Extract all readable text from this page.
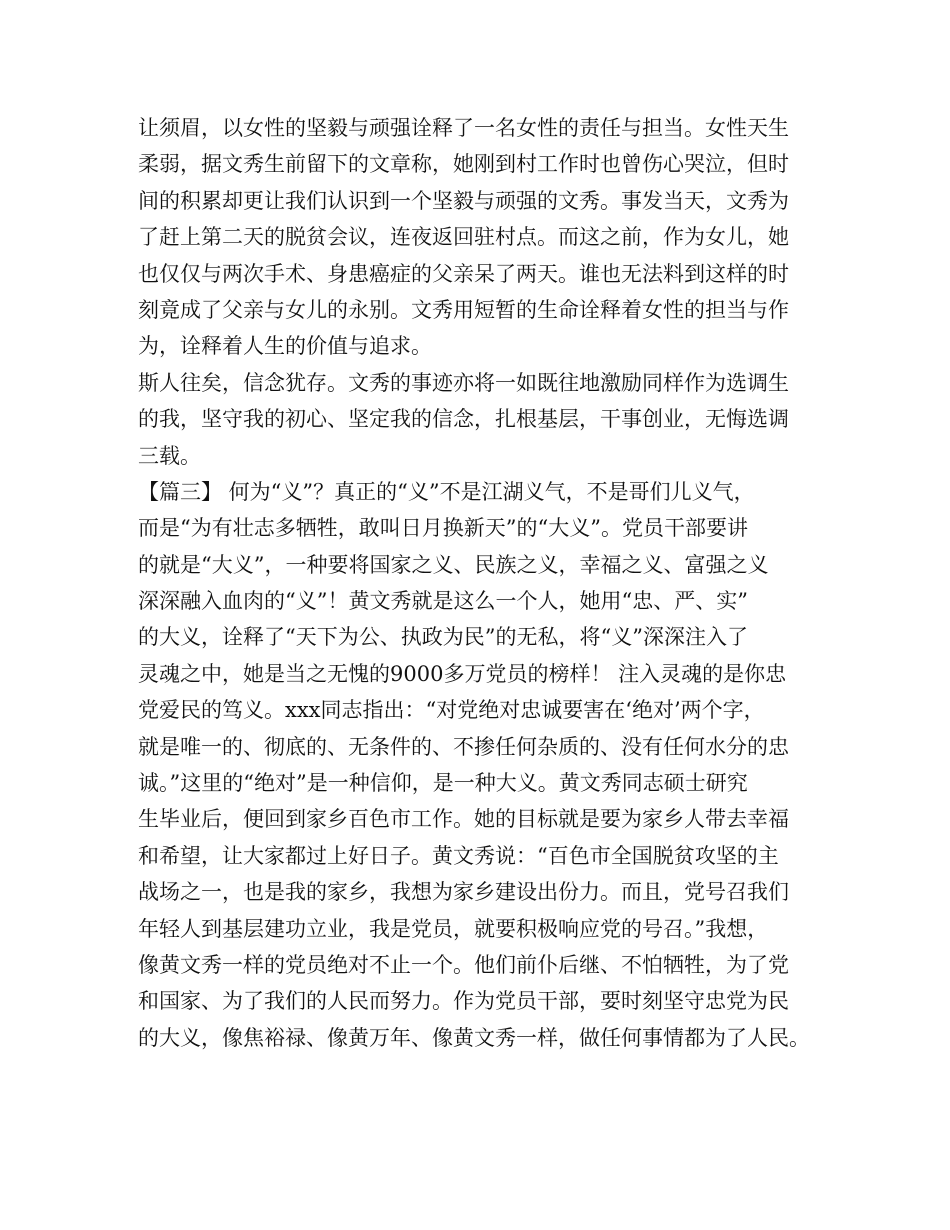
让须眉，以女性的坚毅与顽强诠释了一名女性的责任与担当。女性天生
柔弱，据文秀生前留下的文章称，她刚到村工作时也曾伤心哭泣，但时
间的积累却更让我们认识到一个坚毅与顽强的文秀。事发当天，文秀为
了赶上第二天的脱贫会议，连夜返回驻村点。而这之前，作为女儿，她
也仅仅与两次手术、身患癌症的父亲呆了两天。谁也无法料到这样的时
刻竟成了父亲与女儿的永别。文秀用短暂的生命诠释着女性的担当与作
为，诠释着人生的价值与追求。
斯人往矣，信念犹存。文秀的事迹亦将一如既往地激励同样作为选调生
的我，坚守我的初心、坚定我的信念，扎根基层，干事创业，无悔选调
三载。
【篇三】 何为“义”？真正的“义”不是江湖义气，不是哥们儿义气，
而是“为有壮志多牺牲，敢叫日月换新天”的“大义”。党员干部要讲
的就是“大义”，一种要将国家之义、民族之义，幸福之义、富强之义
深深融入血肉的“义”！黄文秀就是这么一个人，她用“忠、严、实”
的大义，诠释了“天下为公、执政为民”的无私，将“义”深深注入了
灵魂之中，她是当之无愧的9000多万党员的榜样！ 注入灵魂的是你忠
党爱民的笃义。xxx同志指出：“对党绝对忠诚要害在‘绝对’两个字，
就是唯一的、彻底的、无条件的、不掺任何杂质的、没有任何水分的忠
诚。”这里的“绝对”是一种信仰，是一种大义。黄文秀同志硕士研究
生毕业后，便回到家乡百色市工作。她的目标就是要为家乡人带去幸福
和希望，让大家都过上好日子。黄文秀说：“百色市全国脱贫攻坚的主
战场之一，也是我的家乡，我想为家乡建设出份力。而且，党号召我们
年轻人到基层建功立业，我是党员，就要积极响应党的号召。”我想，
像黄文秀一样的党员绝对不止一个。他们前仆后继、不怕牺牲，为了党
和国家、为了我们的人民而努力。作为党员干部，要时刻坚守忠党为民
的大义，像焦裕禄、像黄万年、像黄文秀一样，做任何事情都为了人民。
